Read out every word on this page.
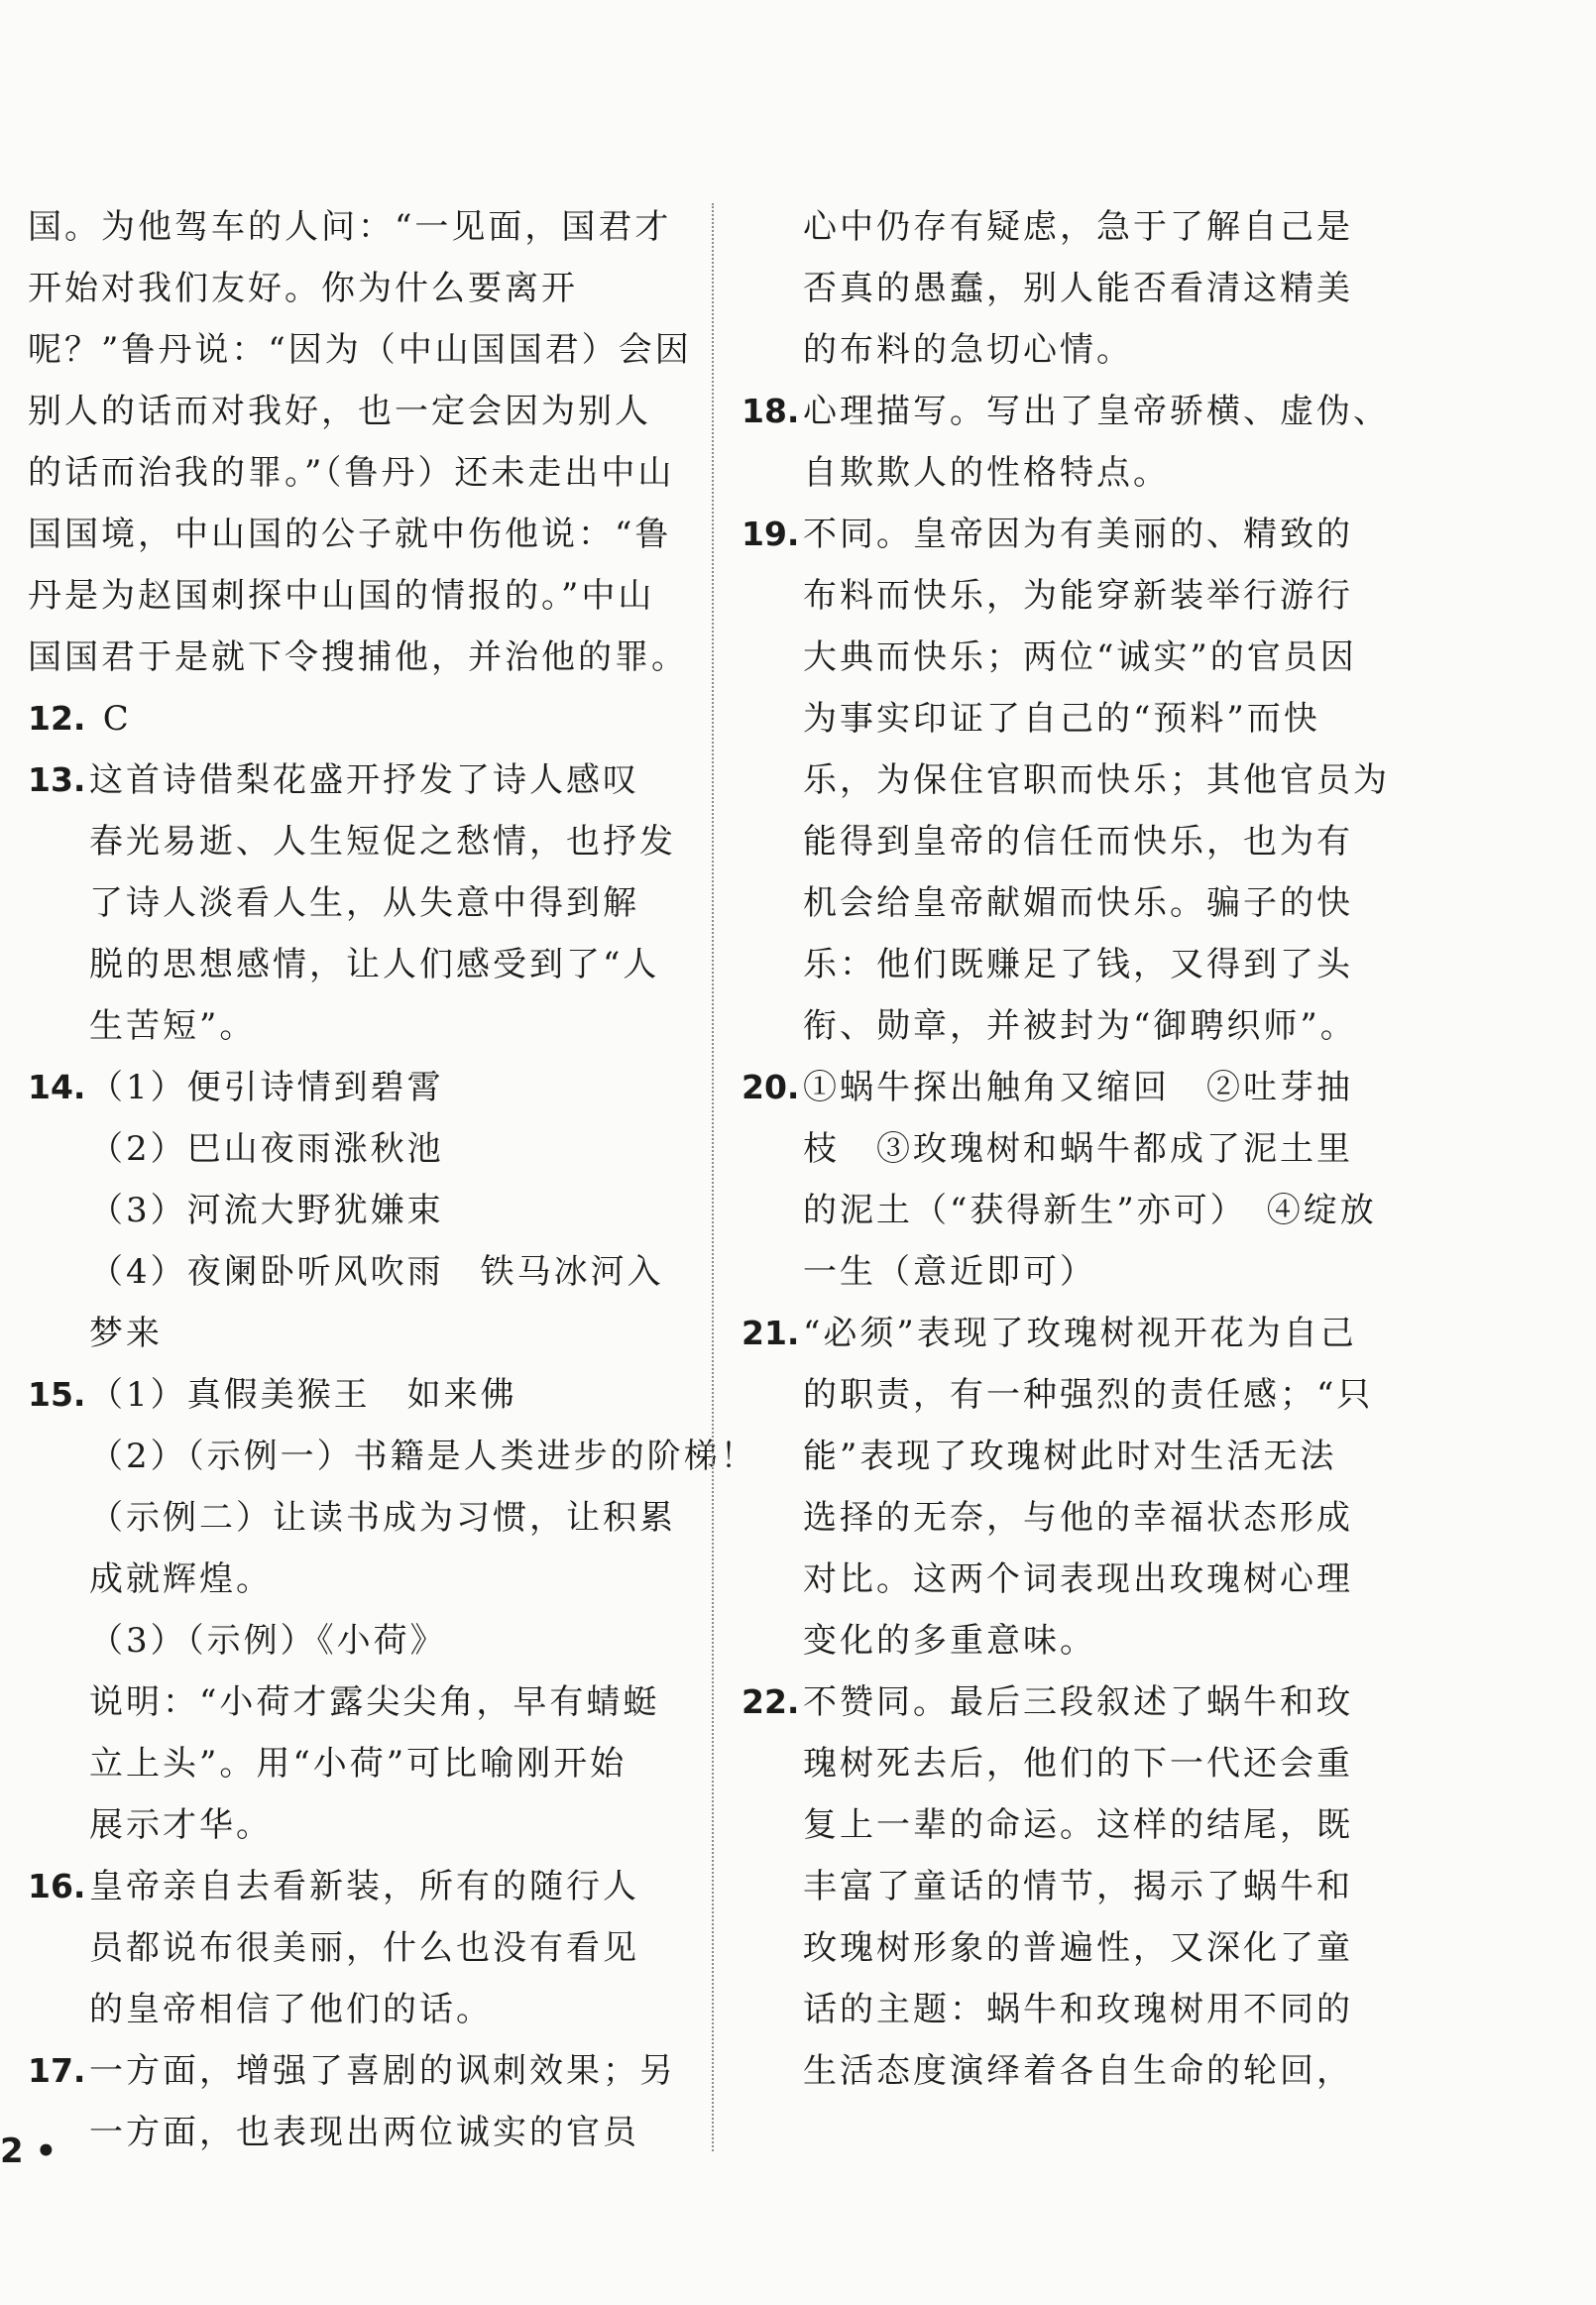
国。为他驾车的人问：“一见面，国君才
开始对我们友好。你为什么要离开
呢？”鲁丹说：“因为（中山国国君）会因
别人的话而对我好，也一定会因为别人
的话而治我的罪。”（鲁丹）还未走出中山
国国境，中山国的公子就中伤他说：“鲁
丹是为赵国刺探中山国的情报的。”中山
国国君于是就下令搜捕他，并治他的罪。
12. C
13. 这首诗借梨花盛开抒发了诗人感叹
春光易逝、人生短促之愁情，也抒发
了诗人淡看人生，从失意中得到解
脱的思想感情，让人们感受到了“人
生苦短”。
14. （1）便引诗情到碧霄
（2）巴山夜雨涨秋池
（3）河流大野犹嫌束
（4）夜阑卧听风吹雨　铁马冰河入
梦来
15. （1）真假美猴王　如来佛
（2）（示例一）书籍是人类进步的阶梯！
（示例二）让读书成为习惯，让积累
成就辉煌。
（3）（示例）《小荷》
说明：“小荷才露尖尖角，早有蜻蜓
立上头”。用“小荷”可比喻刚开始
展示才华。
16. 皇帝亲自去看新装，所有的随行人
员都说布很美丽，什么也没有看见
的皇帝相信了他们的话。
17. 一方面，增强了喜剧的讽刺效果；另
一方面，也表现出两位诚实的官员
心中仍存有疑虑，急于了解自己是
否真的愚蠢，别人能否看清这精美
的布料的急切心情。
18. 心理描写。写出了皇帝骄横、虚伪、
自欺欺人的性格特点。
19. 不同。皇帝因为有美丽的、精致的
布料而快乐，为能穿新装举行游行
大典而快乐；两位“诚实”的官员因
为事实印证了自己的“预料”而快
乐，为保住官职而快乐；其他官员为
能得到皇帝的信任而快乐，也为有
机会给皇帝献媚而快乐。骗子的快
乐：他们既赚足了钱，又得到了头
衔、勋章，并被封为“御聘织师”。
20. ①蜗牛探出触角又缩回　②吐芽抽
枝　③玫瑰树和蜗牛都成了泥土里
的泥土（“获得新生”亦可）　④绽放
一生（意近即可）
21. “必须”表现了玫瑰树视开花为自己
的职责，有一种强烈的责任感；“只
能”表现了玫瑰树此时对生活无法
选择的无奈，与他的幸福状态形成
对比。这两个词表现出玫瑰树心理
变化的多重意味。
22. 不赞同。最后三段叙述了蜗牛和玫
瑰树死去后，他们的下一代还会重
复上一辈的命运。这样的结尾，既
丰富了童话的情节，揭示了蜗牛和
玫瑰树形象的普遍性，又深化了童
话的主题：蜗牛和玫瑰树用不同的
生活态度演绎着各自生命的轮回，
2 •
